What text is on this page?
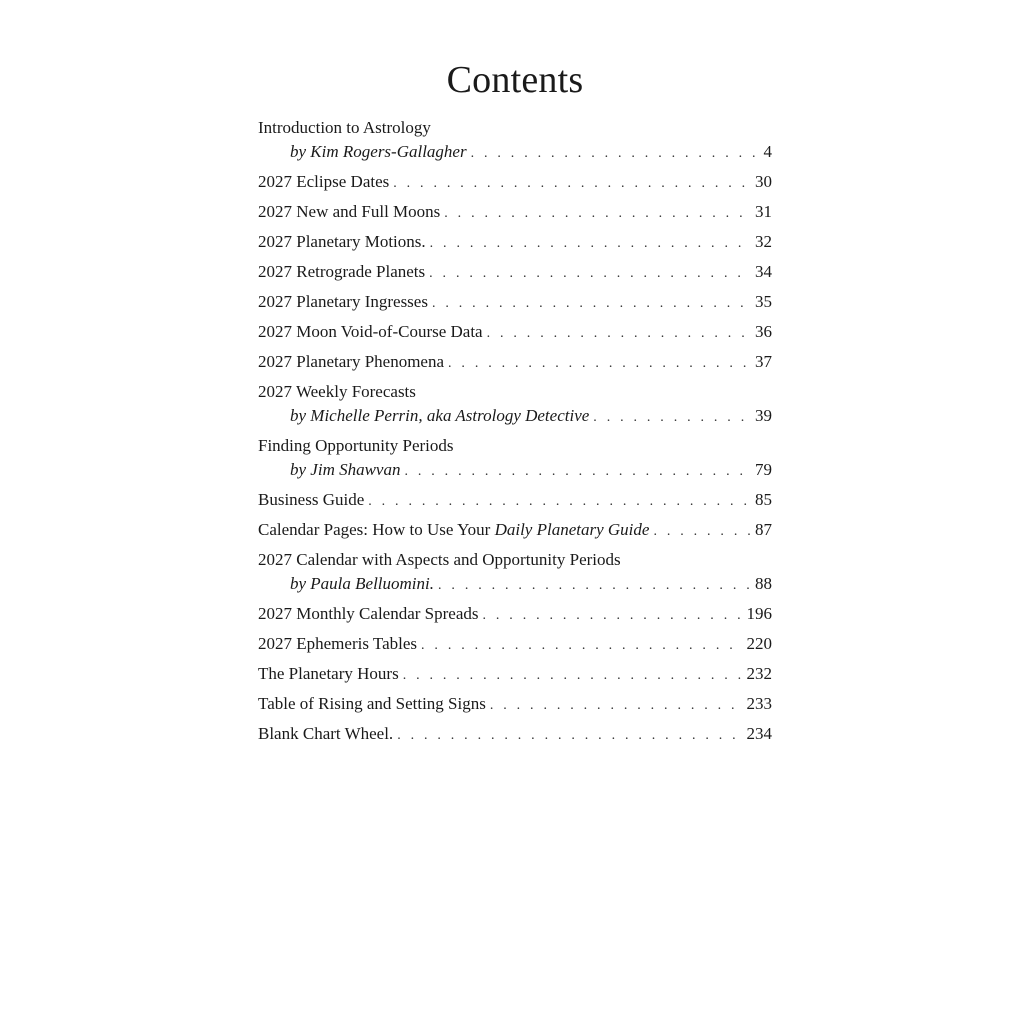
Contents
Introduction to Astrology
by Kim Rogers-Gallagher . . .	4
2027 Eclipse Dates . . .	30
2027 New and Full Moons . . .	31
2027 Planetary Motions. . . .	32
2027 Retrograde Planets . . .	34
2027 Planetary Ingresses . . .	35
2027 Moon Void-of-Course Data . . .	36
2027 Planetary Phenomena . . .	37
2027 Weekly Forecasts
by Michelle Perrin, aka Astrology Detective . . .	39
Finding Opportunity Periods
by Jim Shawvan . . .	79
Business Guide . . .	85
Calendar Pages: How to Use Your Daily Planetary Guide . . .	87
2027 Calendar with Aspects and Opportunity Periods
by Paula Belluomini. . . .	88
2027 Monthly Calendar Spreads . . .	196
2027 Ephemeris Tables . . .	220
The Planetary Hours . . .	232
Table of Rising and Setting Signs . . .	233
Blank Chart Wheel. . . .	234
